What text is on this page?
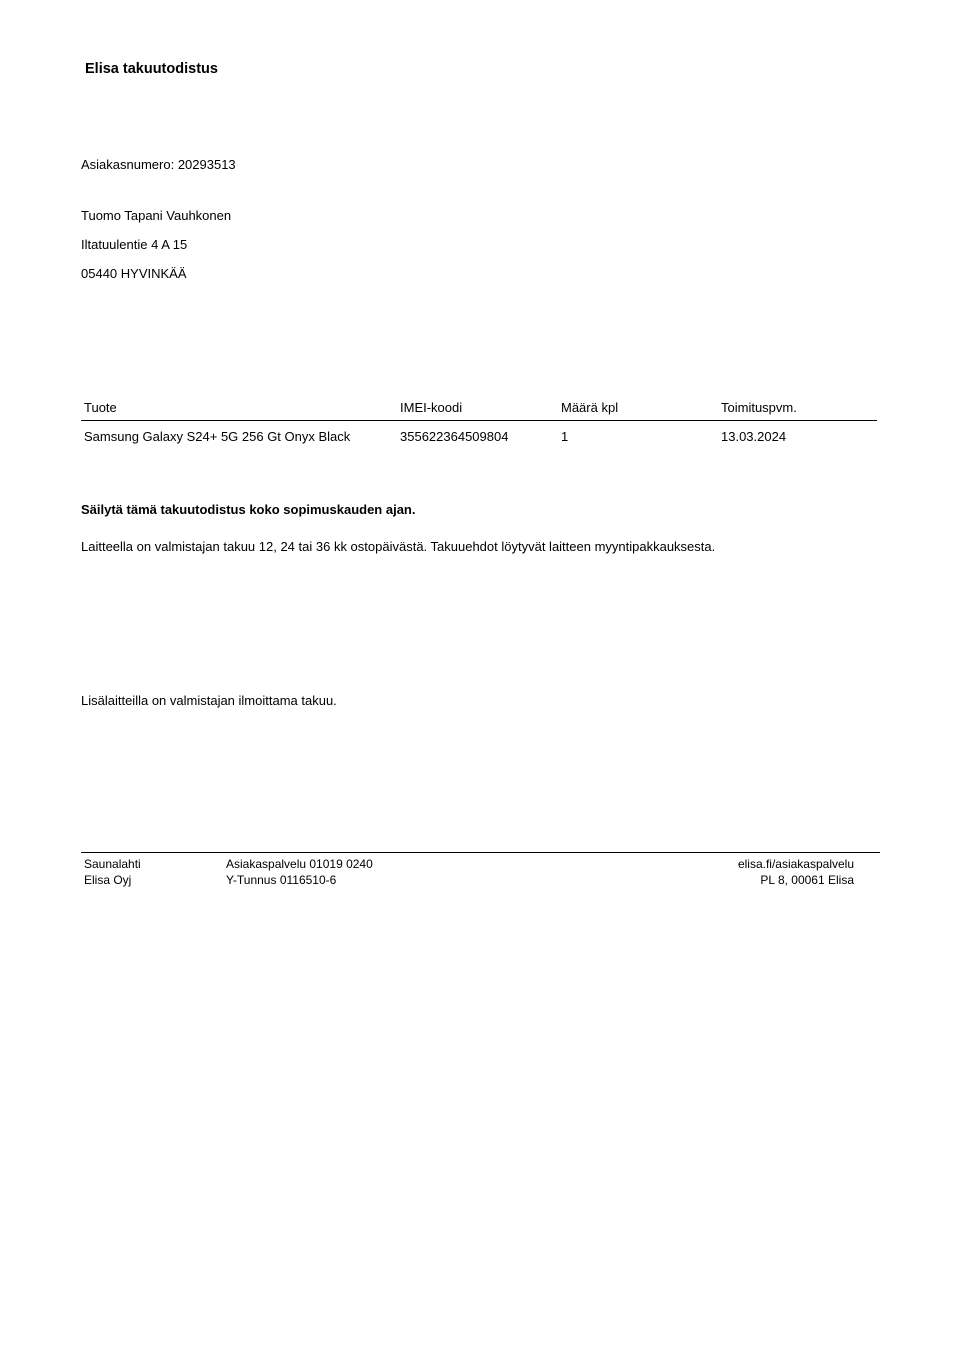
Elisa takuutodistus
Asiakasnumero: 20293513
Tuomo Tapani Vauhkonen
Iltatuulentie 4 A 15
05440 HYVINKÄÄ
Tuote	IMEI-koodi	Määrä kpl	Toimituspvm.
Samsung Galaxy S24+ 5G 256 Gt Onyx Black	355622364509804	1	13.03.2024
Säilytä tämä takuutodistus koko sopimuskauden ajan.
Laitteella on valmistajan takuu 12, 24 tai 36 kk ostopäivästä. Takuuehdot löytyvät laitteen myyntipakkauksesta.
Lisälaitteilla on valmistajan ilmoittama takuu.
Saunalahti
Elisa Oyj
Asiakaspalvelu 01019 0240
Y-Tunnus 0116510-6
elisa.fi/asiakaspalvelu
PL 8, 00061 Elisa
